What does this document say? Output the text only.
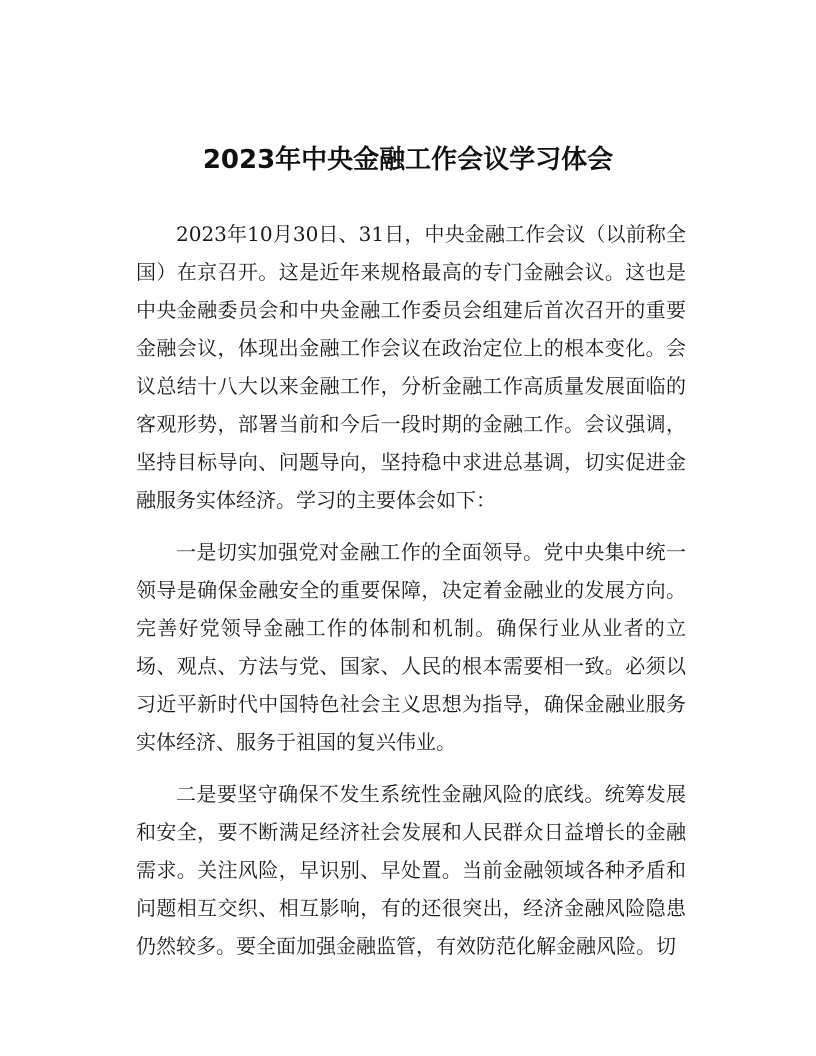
2023年中央金融工作会议学习体会

2023年10月30日、31日，中央金融工作会议（以前称全国）在京召开。这是近年来规格最高的专门金融会议。这也是中央金融委员会和中央金融工作委员会组建后首次召开的重要金融会议，体现出金融工作会议在政治定位上的根本变化。会议总结十八大以来金融工作，分析金融工作高质量发展面临的客观形势，部署当前和今后一段时期的金融工作。会议强调，坚持目标导向、问题导向，坚持稳中求进总基调，切实促进金融服务实体经济。学习的主要体会如下：

一是切实加强党对金融工作的全面领导。党中央集中统一领导是确保金融安全的重要保障，决定着金融业的发展方向。完善好党领导金融工作的体制和机制。确保行业从业者的立场、观点、方法与党、国家、人民的根本需要相一致。必须以习近平新时代中国特色社会主义思想为指导，确保金融业服务实体经济、服务于祖国的复兴伟业。

二是要坚守确保不发生系统性金融风险的底线。统筹发展和安全，要不断满足经济社会发展和人民群众日益增长的金融需求。关注风险，早识别、早处置。当前金融领域各种矛盾和问题相互交织、相互影响，有的还很突出，经济金融风险隐患仍然较多。要全面加强金融监管，有效防范化解金融风险。切
